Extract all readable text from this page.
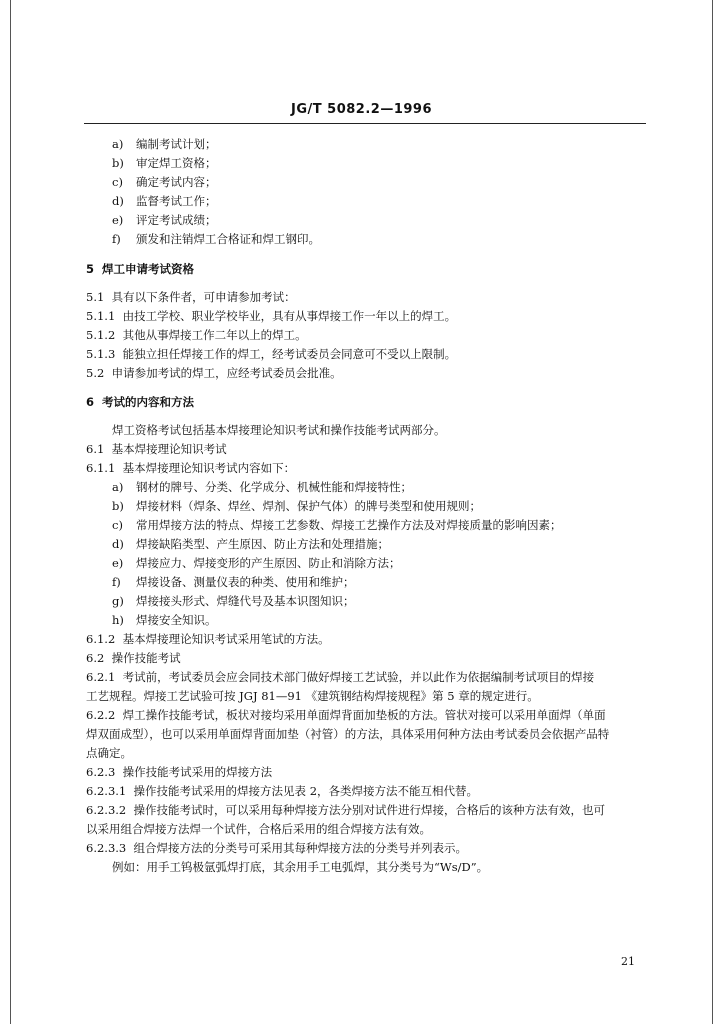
JG/T 5082.2—1996
a) 编制考试计划；
b) 审定焊工资格；
c) 确定考试内容；
d) 监督考试工作；
e) 评定考试成绩；
f) 颁发和注销焊工合格证和焊工钢印。
5 焊工申请考试资格
5.1 具有以下条件者，可申请参加考试：
5.1.1 由技工学校、职业学校毕业，具有从事焊接工作一年以上的焊工。
5.1.2 其他从事焊接工作二年以上的焊工。
5.1.3 能独立担任焊接工作的焊工，经考试委员会同意可不受以上限制。
5.2 申请参加考试的焊工，应经考试委员会批准。
6 考试的内容和方法
焊工资格考试包括基本焊接理论知识考试和操作技能考试两部分。
6.1 基本焊接理论知识考试
6.1.1 基本焊接理论知识考试内容如下：
a) 钢材的牌号、分类、化学成分、机械性能和焊接特性；
b) 焊接材料（焊条、焊丝、焊剂、保护气体）的牌号类型和使用规则；
c) 常用焊接方法的特点、焊接工艺参数、焊接工艺操作方法及对焊接质量的影响因素；
d) 焊接缺陷类型、产生原因、防止方法和处理措施；
e) 焊接应力、焊接变形的产生原因、防止和消除方法；
f) 焊接设备、测量仪表的种类、使用和维护；
g) 焊接接头形式、焊缝代号及基本识图知识；
h) 焊接安全知识。
6.1.2 基本焊接理论知识考试采用笔试的方法。
6.2 操作技能考试
6.2.1 考试前，考试委员会应会同技术部门做好焊接工艺试验，并以此作为依据编制考试项目的焊接
工艺规程。焊接工艺试验可按 JGJ 81—91 《建筑钢结构焊接规程》第 5 章的规定进行。
6.2.2 焊工操作技能考试，板状对接均采用单面焊背面加垫板的方法。管状对接可以采用单面焊（单面
焊双面成型），也可以采用单面焊背面加垫（衬管）的方法，具体采用何种方法由考试委员会依据产品特
点确定。
6.2.3 操作技能考试采用的焊接方法
6.2.3.1 操作技能考试采用的焊接方法见表 2，各类焊接方法不能互相代替。
6.2.3.2 操作技能考试时，可以采用每种焊接方法分别对试件进行焊接，合格后的该种方法有效，也可
以采用组合焊接方法焊一个试件，合格后采用的组合焊接方法有效。
6.2.3.3 组合焊接方法的分类号可采用其每种焊接方法的分类号并列表示。
例如：用手工钨极氩弧焊打底，其余用手工电弧焊，其分类号为“Ws/D”。
21
